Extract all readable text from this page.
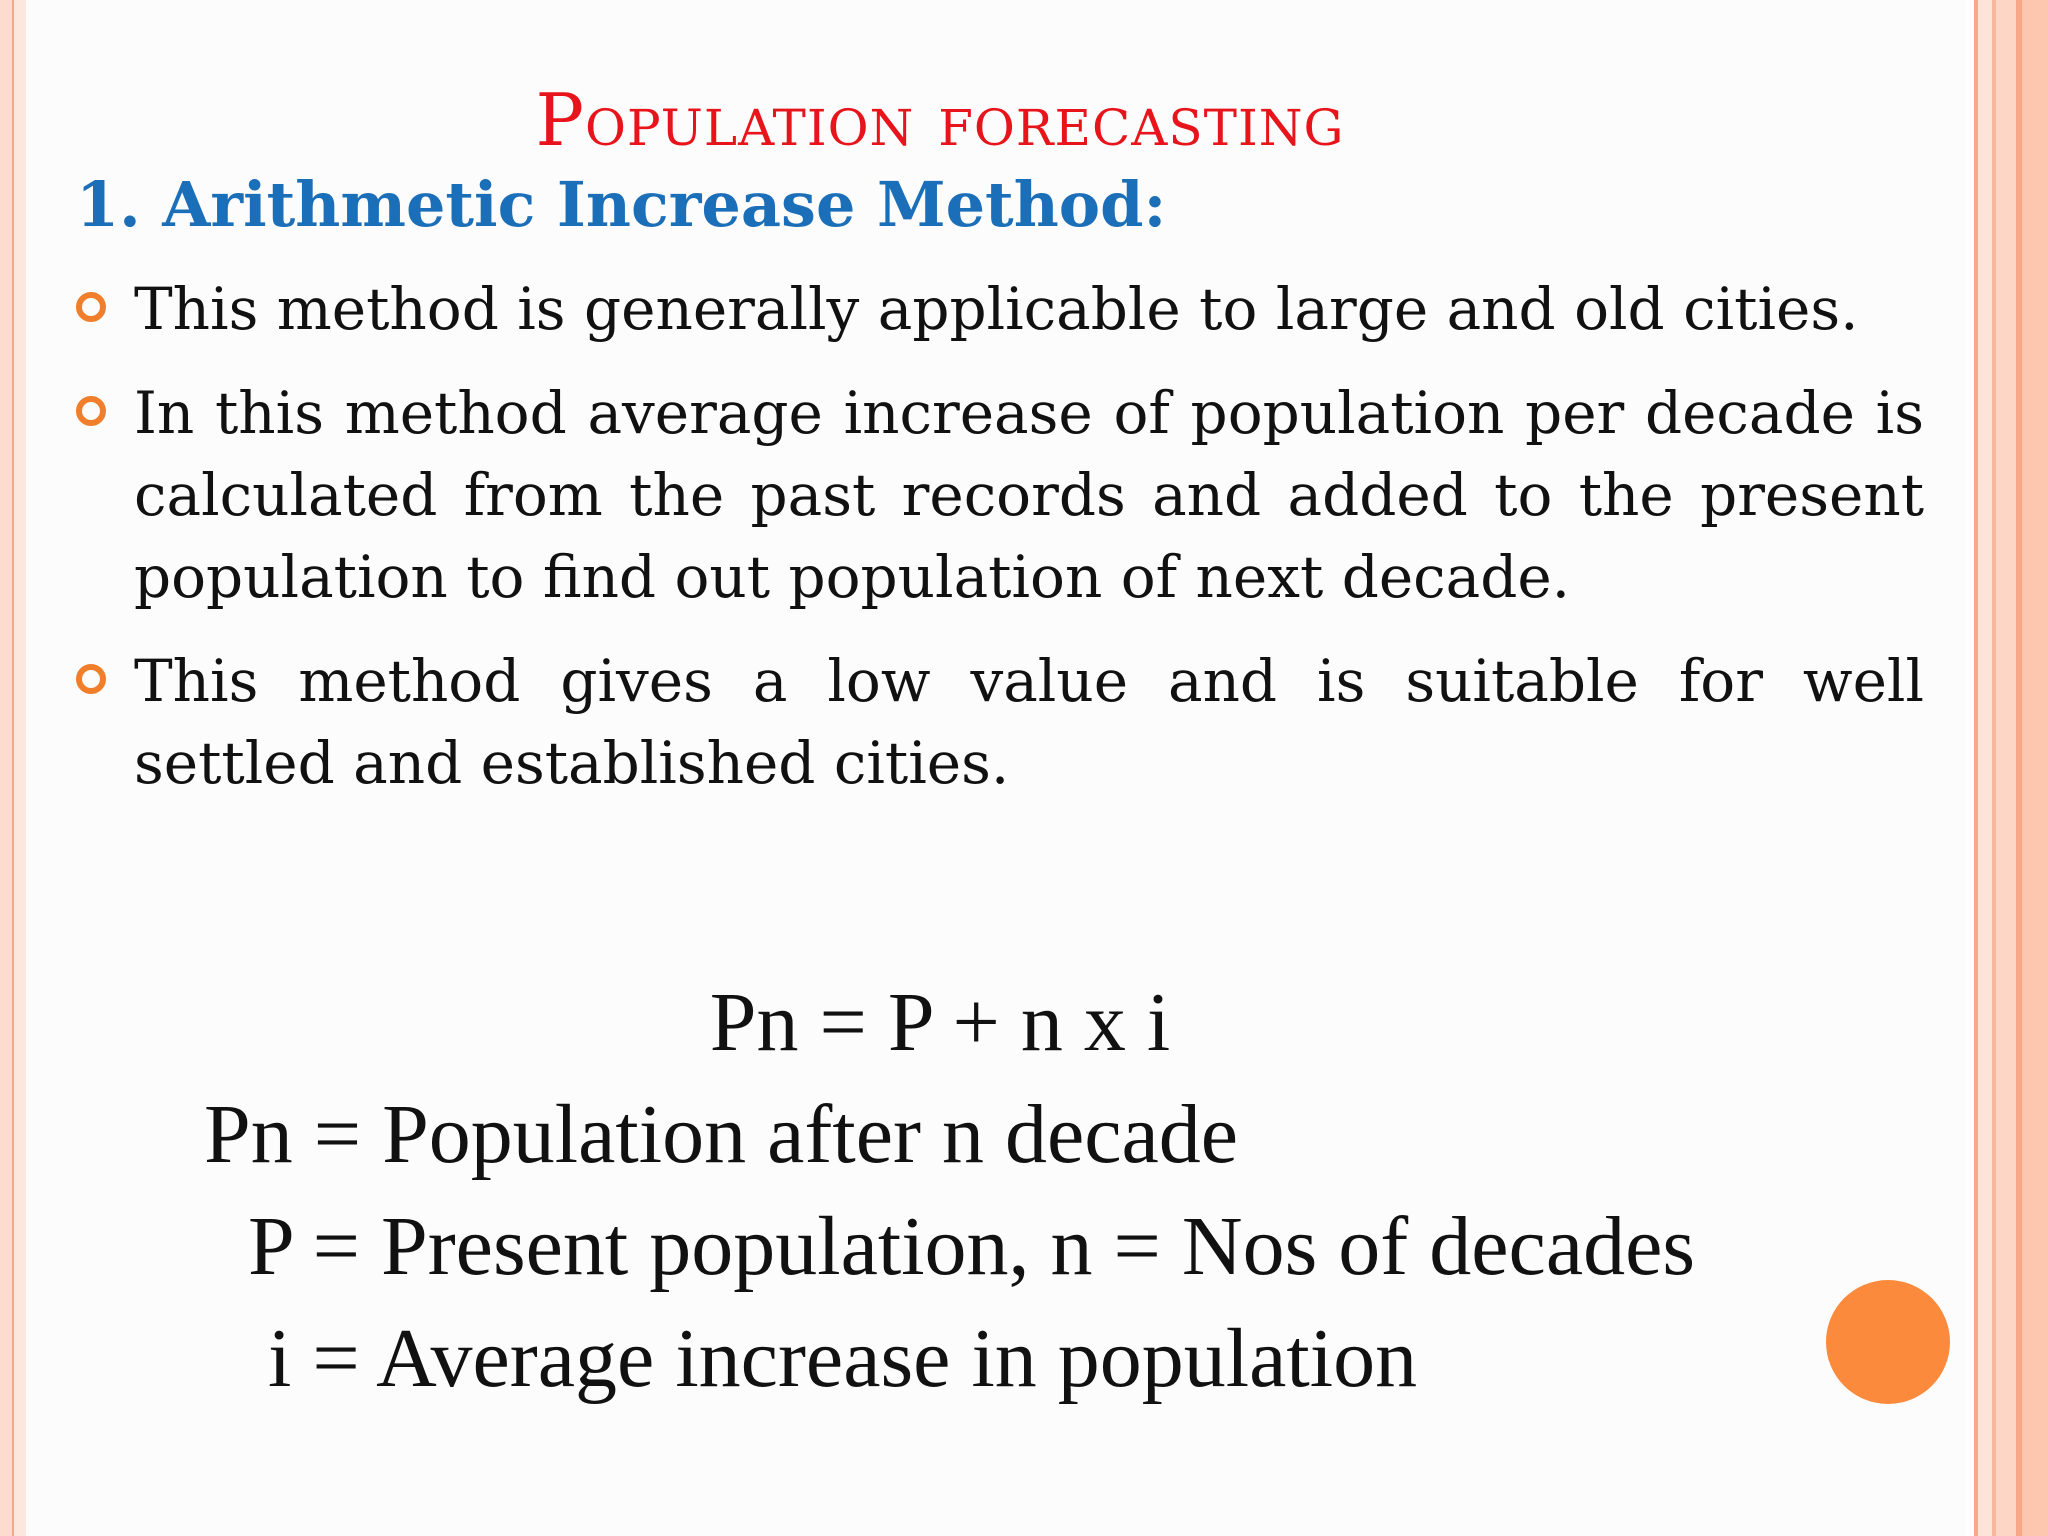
Population forecasting
1. Arithmetic Increase Method:
This method is generally applicable to large and old cities.
In this method average increase of population per decade is calculated from the past records and added to the present population to find out population of next decade.
This method gives a low value and is suitable for well settled and established cities.
Pn = P + n x i
Pn = Population after n decade
P = Present population, n = Nos of decades
i = Average increase in population
